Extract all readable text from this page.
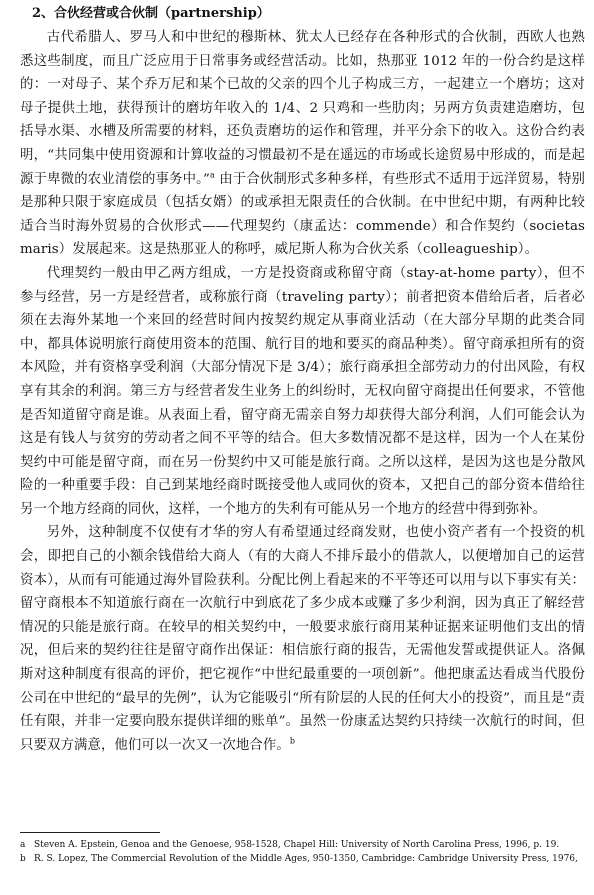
2、合伙经营或合伙制（partnership）

古代希腊人、罗马人和中世纪的穆斯林、犹太人已经存在各种形式的合伙制，西欧人也熟悉这些制度，而且广泛应用于日常事务或经营活动。比如，热那亚 1012 年的一份合约是这样的：一对母子、某个乔万尼和某个已故的父亲的四个儿子构成三方，一起建立一个磨坊；这对母子提供土地，获得预计的磨坊年收入的 1/4、2 只鸡和一些肋肉；另两方负责建造磨坊，包括导水渠、水槽及所需要的材料，还负责磨坊的运作和管理，并平分余下的收入。这份合约表明，“共同集中使用资源和计算收益的习惯最初不是在遥远的市场或长途贸易中形成的，而是起源于卑微的农业清偿的事务中。”$^a$ 由于合伙制形式多种多样，有些形式不适用于远洋贸易，特别是那种只限于家庭成员（包括女婿）的或承担无限责任的合伙制。在中世纪中期，有两种比较适合当时海外贸易的合伙形式——代理契约（康孟达：commende）和合作契约（societas maris）发展起来。这是热那亚人的称呼，威尼斯人称为合伙关系（colleagueship）。

代理契约一般由甲乙两方组成，一方是投资商或称留守商（stay-at-home party），但不参与经营，另一方是经营者，或称旅行商（traveling party）；前者把资本借给后者，后者必须在去海外某地一个来回的经营时间内按契约规定从事商业活动（在大部分早期的此类合同中，都具体说明旅行商使用资本的范围、航行目的地和要买的商品种类）。留守商承担所有的资本风险，并有资格享受利润（大部分情况下是 3/4）；旅行商承担全部劳动力的付出风险，有权享有其余的利润。第三方与经营者发生业务上的纠纷时，无权向留守商提出任何要求，不管他是否知道留守商是谁。从表面上看，留守商无需亲自努力却获得大部分利润，人们可能会认为这是有钱人与贫穷的劳动者之间不平等的结合。但大多数情况都不是这样，因为一个人在某份契约中可能是留守商，而在另一份契约中又可能是旅行商。之所以这样，是因为这也是分散风险的一种重要手段：自己到某地经商时既接受他人或同伙的资本，又把自己的部分资本借给往另一个地方经商的同伙，这样，一个地方的失利有可能从另一个地方的经营中得到弥补。

另外，这种制度不仅使有才华的穷人有希望通过经商发财，也使小资产者有一个投资的机会，即把自己的小额余钱借给大商人（有的大商人不排斥最小的借款人，以便增加自己的运营资本），从而有可能通过海外冒险获利。分配比例上看起来的不平等还可以用与以下事实有关：留守商根本不知道旅行商在一次航行中到底花了多少成本或赚了多少利润，因为真正了解经营情况的只能是旅行商。在较早的相关契约中，一般要求旅行商用某种证据来证明他们支出的情况，但后来的契约往往是留守商作出保证：相信旅行商的报告，无需他发誓或提供证人。洛佩斯对这种制度有很高的评价，把它视作“中世纪最重要的一项创新”。他把康孟达看成当代股份公司在中世纪的“最早的先例”，认为它能吸引“所有阶层的人民的任何大小的投资”，而且是“责任有限，并非一定要向股东提供详细的账单”。虽然一份康孟达契约只持续一次航行的时间，但只要双方满意，他们可以一次又一次地合作。$^b$

a Steven A. Epstein, Genoa and the Genoese, 958-1528, Chapel Hill: University of North Carolina Press, 1996, p. 19.
b R. S. Lopez, The Commercial Revolution of the Middle Ages, 950-1350, Cambridge: Cambridge University Press, 1976,
